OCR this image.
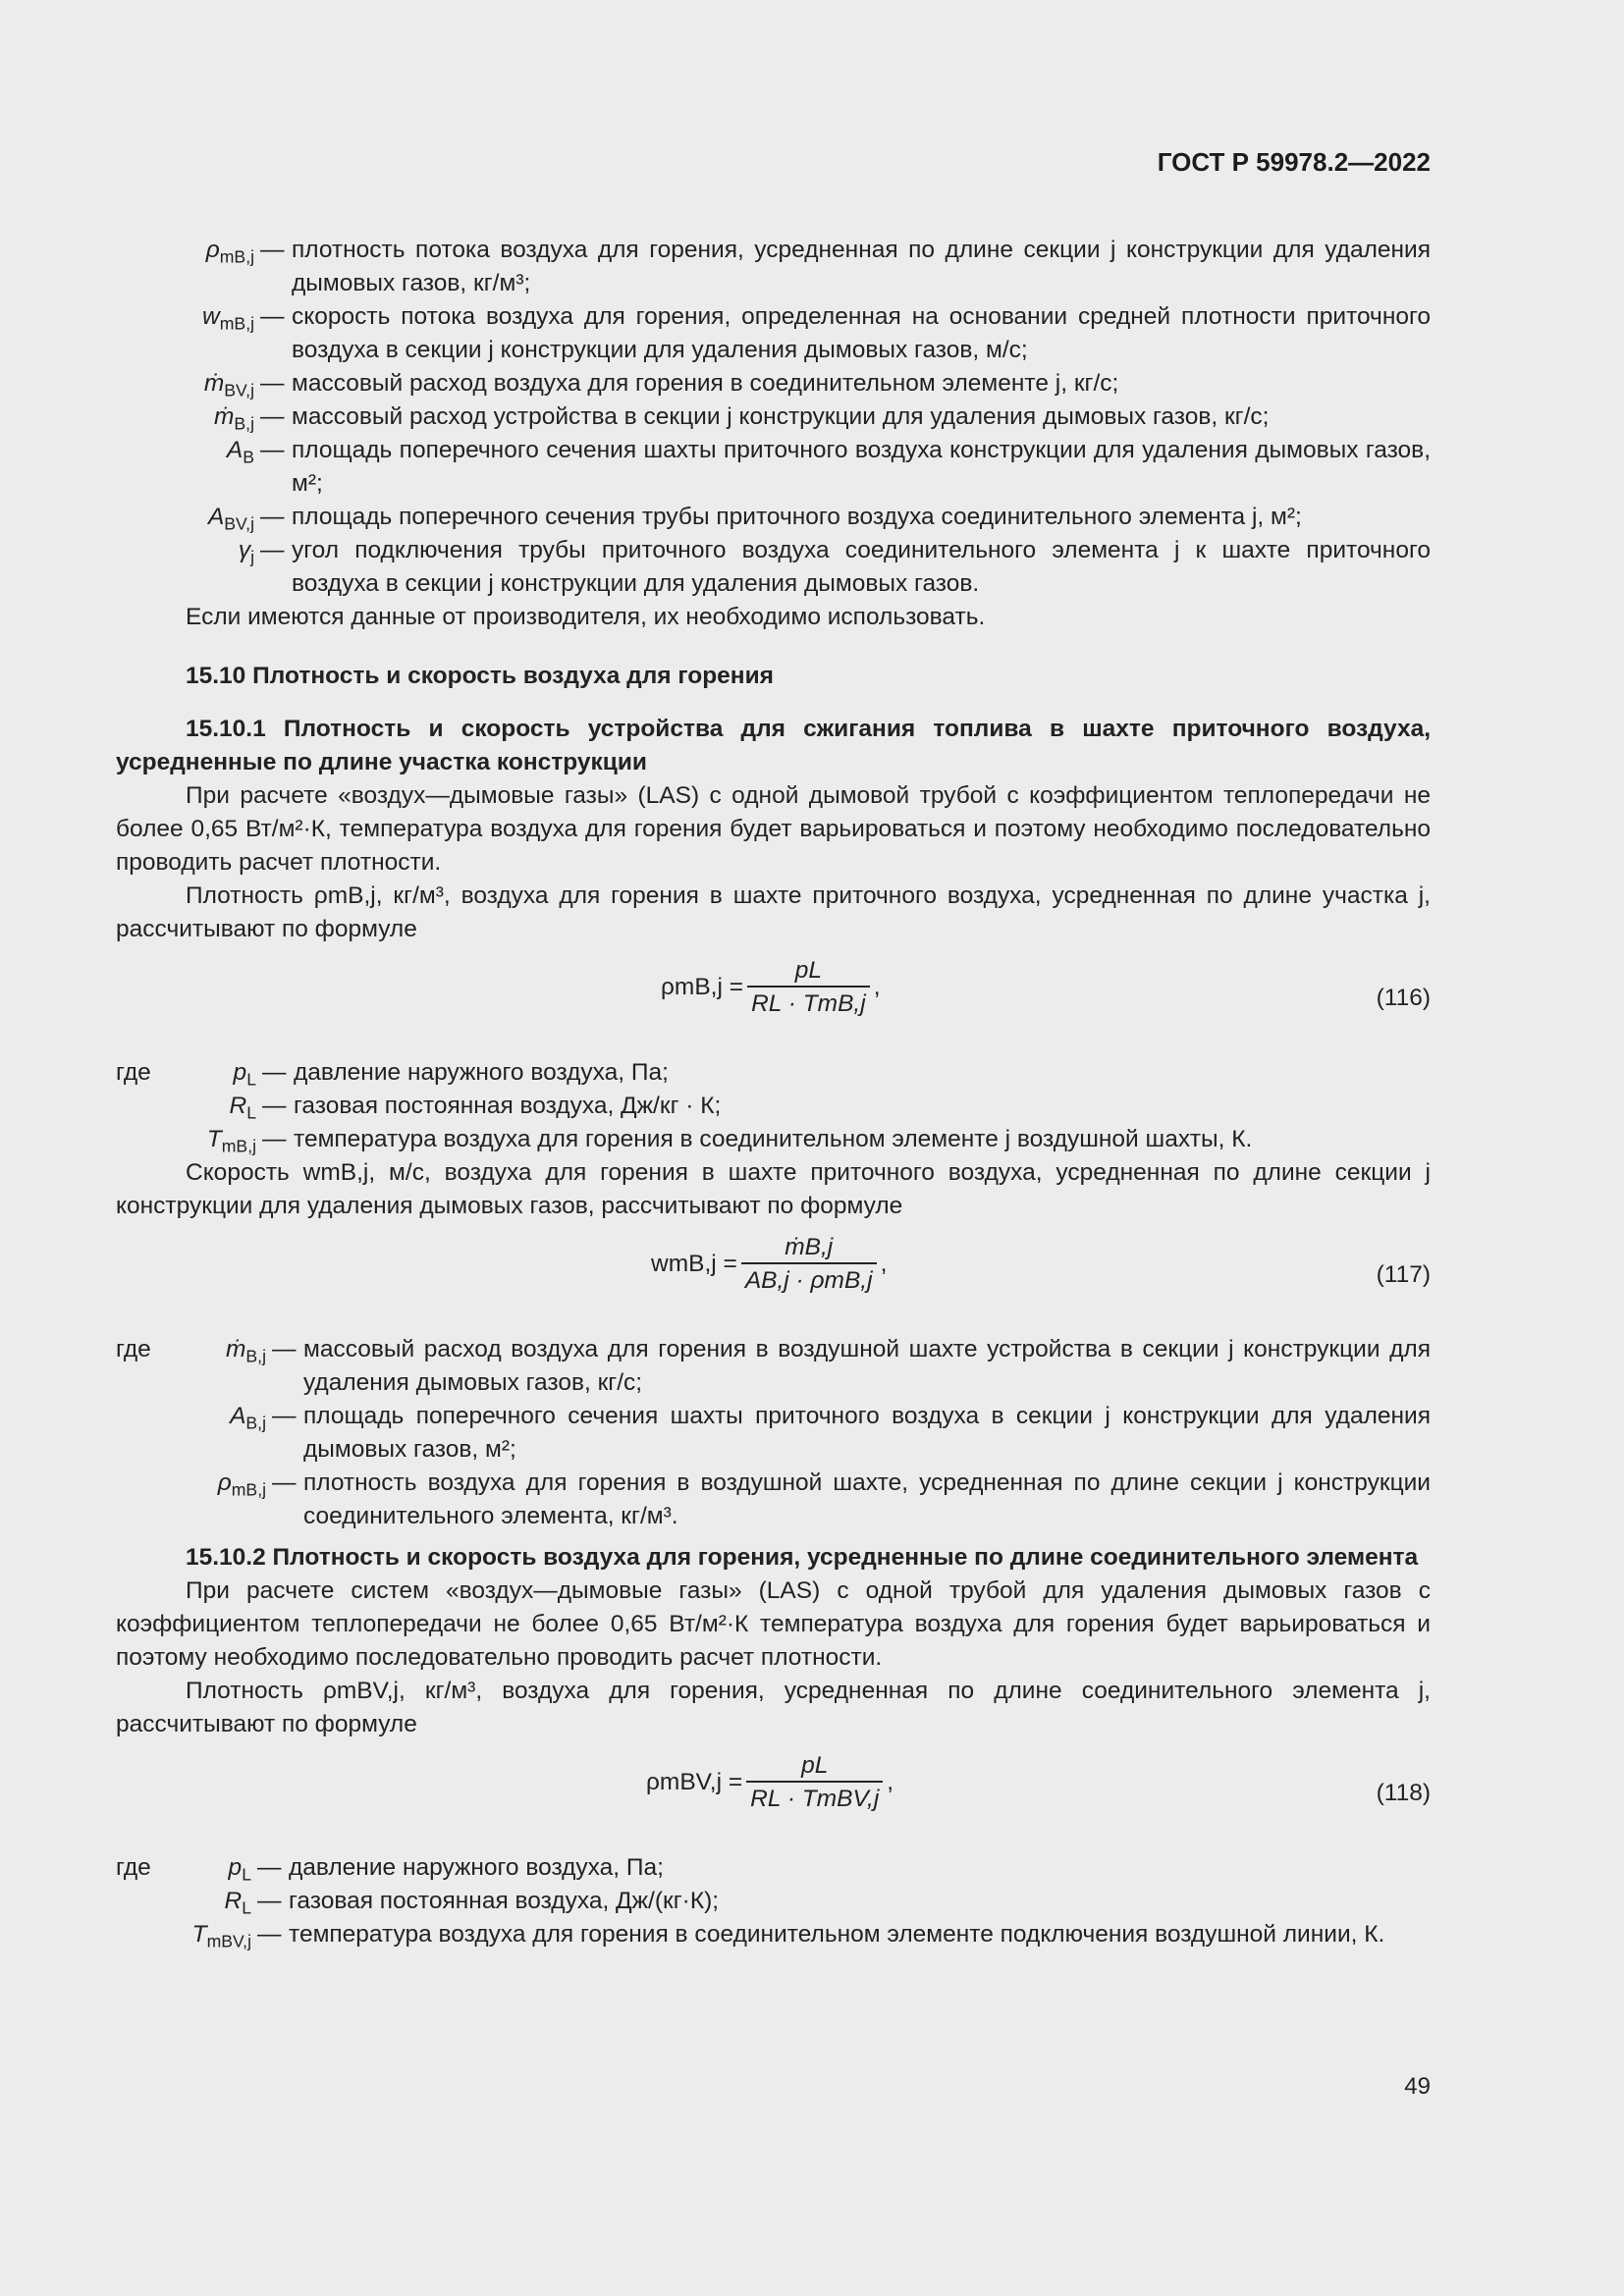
ГОСТ Р 59978.2—2022
$\rho_{mB,j}$ — плотность потока воздуха для горения, усредненная по длине секции j конструкции для удаления дымовых газов, кг/м³;
$w_{mB,j}$ — скорость потока воздуха для горения, определенная на основании средней плотности приточного воздуха в секции j конструкции для удаления дымовых газов, м/с;
ṁ$_{BV,j}$ — массовый расход воздуха для горения в соединительном элементе j, кг/с;
ṁ$_{B,j}$ — массовый расход устройства в секции j конструкции для удаления дымовых газов, кг/с;
$A_B$ — площадь поперечного сечения шахты приточного воздуха конструкции для удаления дымовых газов, м²;
$A_{BV,j}$ — площадь поперечного сечения трубы приточного воздуха соединительного элемента j, м²;
$\gamma_j$ — угол подключения трубы приточного воздуха соединительного элемента j к шахте приточного воздуха в секции j конструкции для удаления дымовых газов.

Если имеются данные от производителя, их необходимо использовать.

15.10 Плотность и скорость воздуха для горения

15.10.1 Плотность и скорость устройства для сжигания топлива в шахте приточного воздуха, усредненные по длине участка конструкции

При расчете «воздух—дымовые газы» (LAS) с одной дымовой трубой с коэффициентом теплопередачи не более 0,65 Вт/м²·К, температура воздуха для горения будет варьироваться и поэтому необходимо последовательно проводить расчет плотности.

Плотность ρmB,j, кг/м³, воздуха для горения в шахте приточного воздуха, усредненная по длине участка j, рассчитывают по формуле

$\rho mB,j = \frac{pL}{\text{RL · TmB,j}}$ ,	(116)
где	$p_L$ — давление наружного воздуха, Па;
$R_L$ — газовая постоянная воздуха, Дж/кг · К;
$T_{mB,j}$ — температура воздуха для горения в соединительном элементе j воздушной шахты, К.

Скорость wmB,j, м/с, воздуха для горения в шахте приточного воздуха, усредненная по длине секции j конструкции для удаления дымовых газов, рассчитывают по формуле

$wmB,j = \frac{\text{ṁB,j}}{\text{AB,j · ρmB,j}}$ ,	(117)
где	ṁ$_{B,j}$ — массовый расход воздуха для горения в воздушной шахте устройства в секции j конструкции для удаления дымовых газов, кг/с;
$A_{B,j}$ — площадь поперечного сечения шахты приточного воздуха в секции j конструкции для удаления дымовых газов, м²;
$\rho_{mB,j}$ — плотность воздуха для горения в воздушной шахте, усредненная по длине секции j конструкции соединительного элемента, кг/м³.

15.10.2 Плотность и скорость воздуха для горения, усредненные по длине соединительного элемента

При расчете систем «воздух—дымовые газы» (LAS) с одной трубой для удаления дымовых газов с коэффициентом теплопередачи не более 0,65 Вт/м²·К температура воздуха для горения будет варьироваться и поэтому необходимо последовательно проводить расчет плотности.

Плотность ρmBV,j, кг/м³, воздуха для горения, усредненная по длине соединительного элемента j, рассчитывают по формуле

$\rho mBV,j = \frac{pL}{\text{RL · TmBV,j}}$ ,	(118)
где	$p_L$ — давление наружного воздуха, Па;
$R_L$ — газовая постоянная воздуха, Дж/(кг·К);
$T_{mBV,j}$ — температура воздуха для горения в соединительном элементе подключения воздушной линии, К.
49
